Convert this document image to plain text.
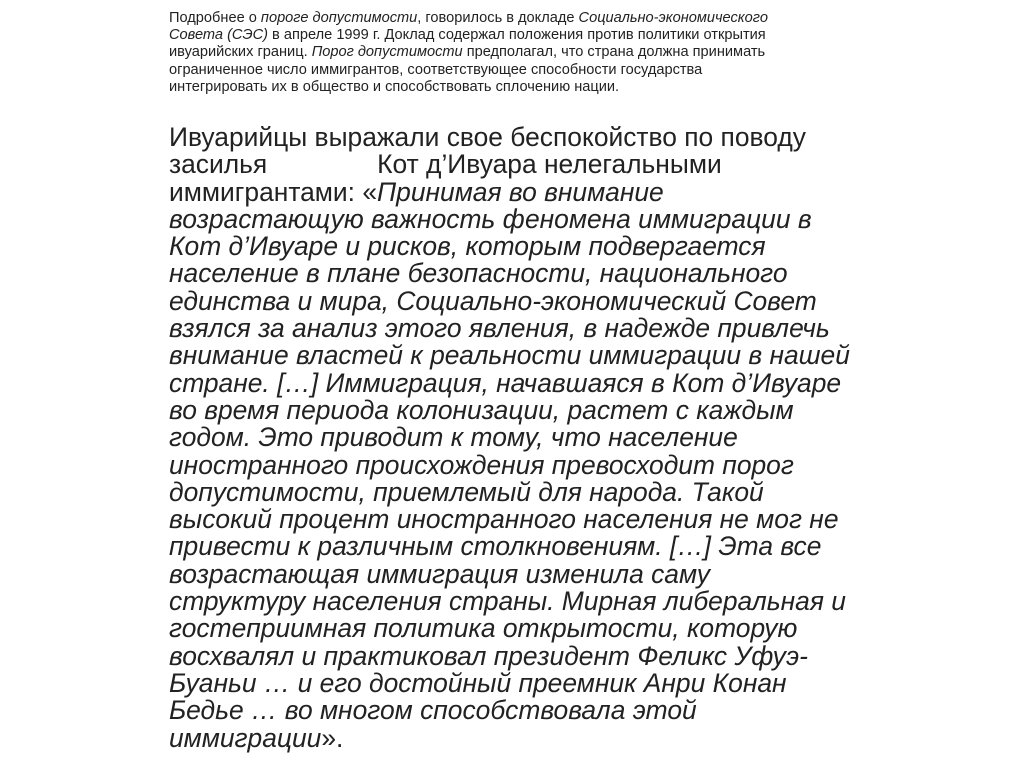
Подробнее о пороге допустимости, говорилось в докладе Социально-экономического
Совета (СЭС) в апреле 1999 г. Доклад содержал положения против политики открытия
ивуарийских границ. Порог допустимости предполагал, что страна должна принимать
ограниченное число иммигрантов, соответствующее способности государства
интегрировать их в общество и способствовать сплочению нации.

Ивуарийцы выражали свое беспокойство по поводу
засилья	Кот д’Ивуара нелегальными
иммигрантами: «Принимая во внимание
возрастающую важность феномена иммиграции в
Кот д’Ивуаре и рисков, которым подвергается
население в плане безопасности, национального
единства и мира, Социально-экономический Совет
взялся за анализ этого явления, в надежде привлечь
внимание властей к реальности иммиграции в нашей
стране. […] Иммиграция, начавшаяся в Кот д’Ивуаре
во время периода колонизации, растет с каждым
годом. Это приводит к тому, что население
иностранного происхождения превосходит порог
допустимости, приемлемый для народа. Такой
высокий процент иностранного населения не мог не
привести к различным столкновениям. […] Эта все
возрастающая иммиграция изменила саму
структуру населения страны. Мирная либеральная и
гостеприимная политика открытости, которую
восхвалял и практиковал президент Феликс Уфуэ-
Буаньи … и его достойный преемник Анри Конан
Бедье … во многом способствовала этой
иммиграции».
